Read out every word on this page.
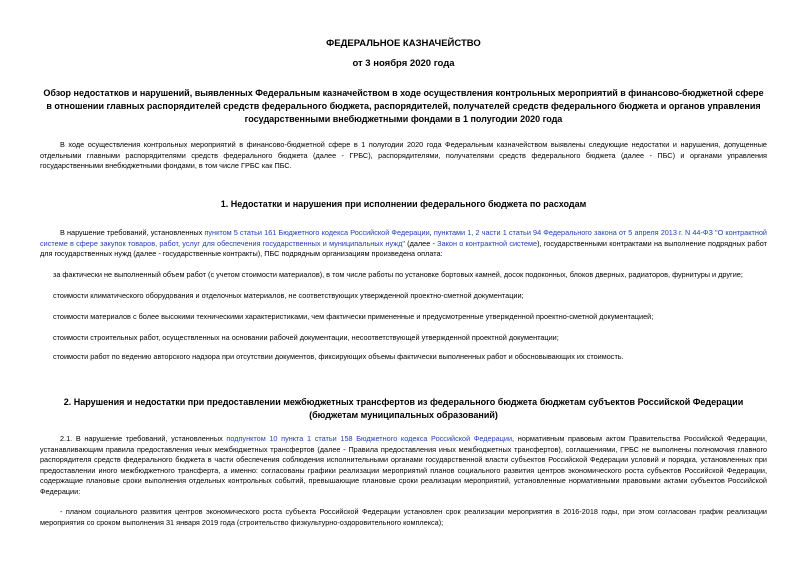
ФЕДЕРАЛЬНОЕ КАЗНАЧЕЙСТВО
от 3 ноября 2020 года
Обзор недостатков и нарушений, выявленных Федеральным казначейством в ходе осуществления контрольных мероприятий в финансово-бюджетной сфере в отношении главных распорядителей средств федерального бюджета, распорядителей, получателей средств федерального бюджета и органов управления государственными внебюджетными фондами в 1 полугодии 2020 года
В ходе осуществления контрольных мероприятий в финансово-бюджетной сфере в 1 полугодии 2020 года Федеральным казначейством выявлены следующие недостатки и нарушения, допущенные отдельными главными распорядителями средств федерального бюджета (далее - ГРБС), распорядителями, получателями средств федерального бюджета (далее - ПБС) и органами управления государственными внебюджетными фондами, в том числе ГРБС как ПБС.
1. Недостатки и нарушения при исполнении федерального бюджета по расходам
В нарушение требований, установленных пунктом 5 статьи 161 Бюджетного кодекса Российской Федерации, пунктами 1, 2 части 1 статьи 94 Федерального закона от 5 апреля 2013 г. N 44-ФЗ "О контрактной системе в сфере закупок товаров, работ, услуг для обеспечения государственных и муниципальных нужд" (далее - Закон о контрактной системе), государственными контрактами на выполнение подрядных работ для государственных нужд (далее - государственные контракты), ПБС подрядным организациям произведена оплата:
за фактически не выполненный объем работ (с учетом стоимости материалов), в том числе работы по установке бортовых камней, досок подоконных, блоков дверных, радиаторов, фурнитуры и другие;
стоимости климатического оборудования и отделочных материалов, не соответствующих утвержденной проектно-сметной документации;
стоимости материалов с более высокими техническими характеристиками, чем фактически примененные и предусмотренные утвержденной проектно-сметной документацией;
стоимости строительных работ, осуществленных на основании рабочей документации, несоответствующей утвержденной проектной документации;
стоимости работ по ведению авторского надзора при отсутствии документов, фиксирующих объемы фактически выполненных работ и обосновывающих их стоимость.
2. Нарушения и недостатки при предоставлении межбюджетных трансфертов из федерального бюджета бюджетам субъектов Российской Федерации (бюджетам муниципальных образований)
2.1. В нарушение требований, установленных подпунктом 10 пункта 1 статьи 158 Бюджетного кодекса Российской Федерации, нормативным правовым актом Правительства Российской Федерации, устанавливающим правила предоставления иных межбюджетных трансфертов (далее - Правила предоставления иных межбюджетных трансфертов), соглашениями, ГРБС не выполнены полномочия главного распорядителя средств федерального бюджета в части обеспечения соблюдения исполнительными органами государственной власти субъектов Российской Федерации условий и порядка, установленных при предоставлении иного межбюджетного трансферта, а именно: согласованы графики реализации мероприятий планов социального развития центров экономического роста субъектов Российской Федерации, содержащие плановые сроки выполнения отдельных контрольных событий, превышающие плановые сроки реализации мероприятий, установленные нормативными правовыми актами субъектов Российской Федерации:
- планом социального развития центров экономического роста субъекта Российской Федерации установлен срок реализации мероприятия в 2016-2018 годы, при этом согласован график реализации мероприятия со сроком выполнения 31 января 2019 года (строительство физкультурно-оздоровительного комплекса);
